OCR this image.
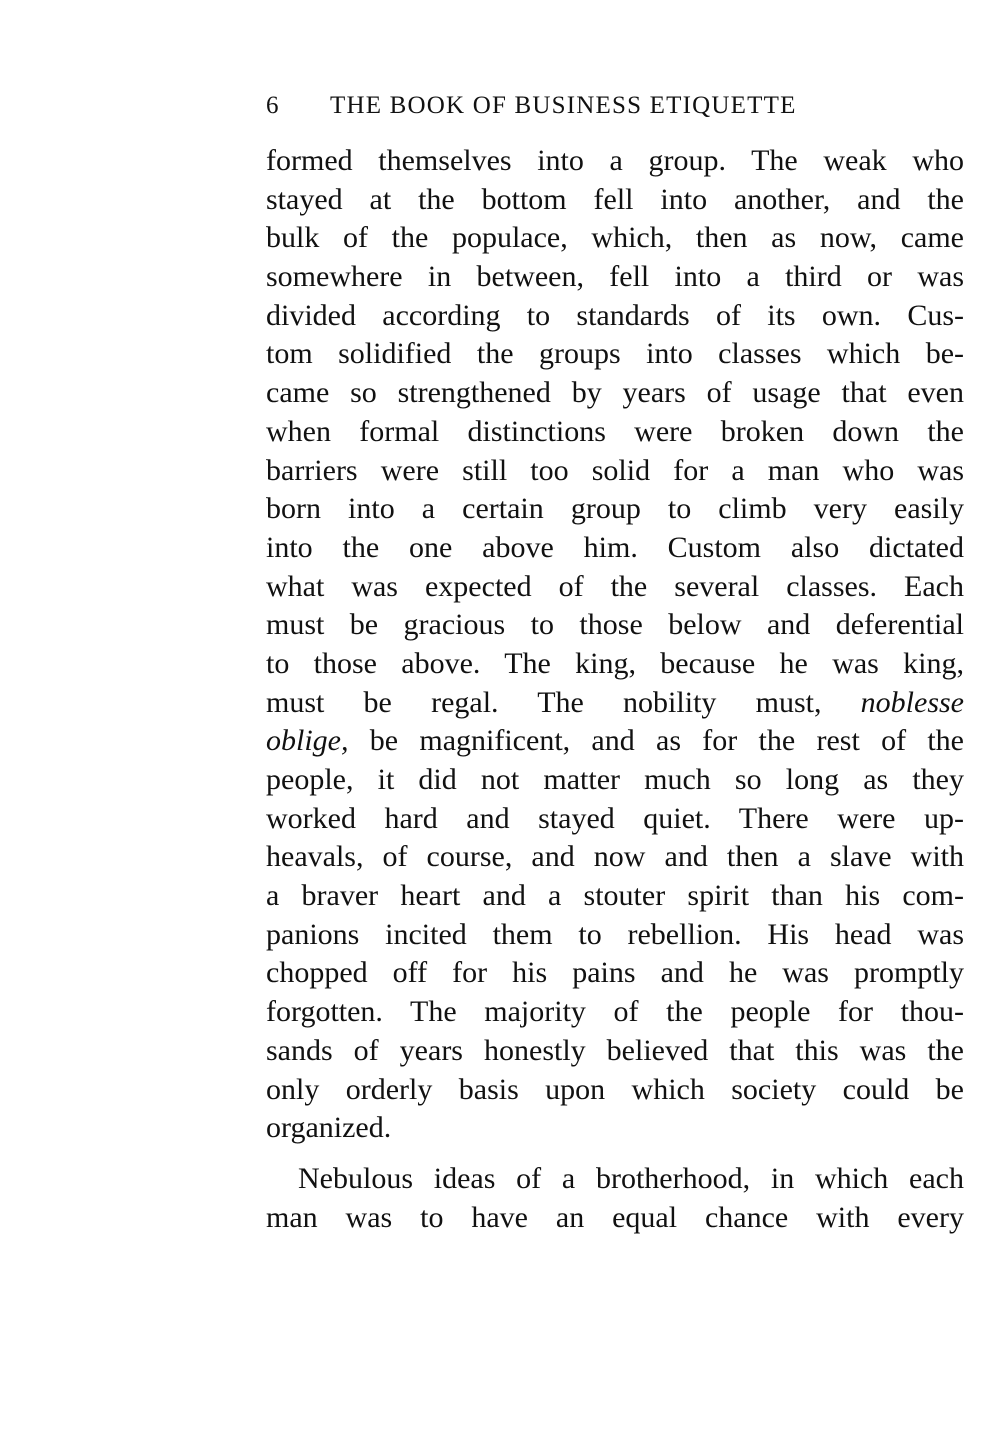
6 THE BOOK OF BUSINESS ETIQUETTE
formed themselves into a group. The weak who
stayed at the bottom fell into another, and the
bulk of the populace, which, then as now, came
somewhere in between, fell into a third or was
divided according to standards of its own. Cus-
tom solidified the groups into classes which be-
came so strengthened by years of usage that even
when formal distinctions were broken down the
barriers were still too solid for a man who was
born into a certain group to climb very easily
into the one above him. Custom also dictated
what was expected of the several classes. Each
must be gracious to those below and deferential
to those above. The king, because he was king,
must be regal. The nobility must, noblesse
oblige, be magnificent, and as for the rest of the
people, it did not matter much so long as they
worked hard and stayed quiet. There were up-
heavals, of course, and now and then a slave with
a braver heart and a stouter spirit than his com-
panions incited them to rebellion. His head was
chopped off for his pains and he was promptly
forgotten. The majority of the people for thou-
sands of years honestly believed that this was the
only orderly basis upon which society could be
organized.
Nebulous ideas of a brotherhood, in which each
man was to have an equal chance with every
